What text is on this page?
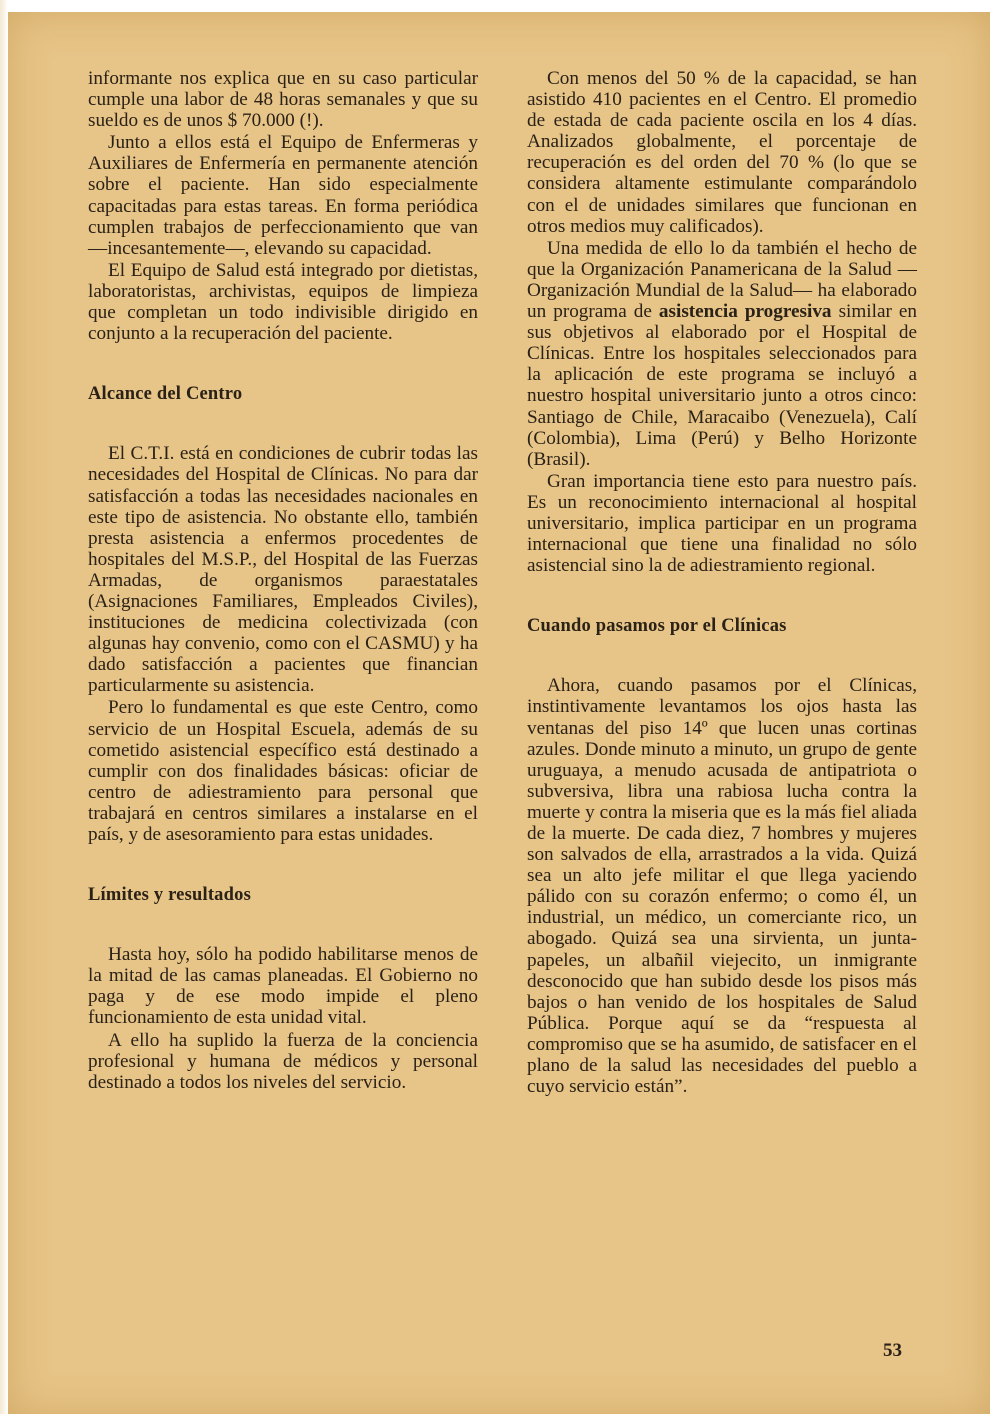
informante nos explica que en su caso particular cumple una labor de 48 horas semanales y que su sueldo es de unos $ 70.000 (!).

Junto a ellos está el Equipo de Enfermeras y Auxiliares de Enfermería en permanente atención sobre el paciente. Han sido especialmente capacitadas para estas tareas. En forma periódica cumplen trabajos de perfeccionamiento que van —incesantemente—, elevando su capacidad.

El Equipo de Salud está integrado por dietistas, laboratoristas, archivistas, equipos de limpieza que completan un todo indivisible dirigido en conjunto a la recuperación del paciente.

Alcance del Centro

El C.T.I. está en condiciones de cubrir todas las necesidades del Hospital de Clínicas. No para dar satisfacción a todas las necesidades nacionales en este tipo de asistencia. No obstante ello, también presta asistencia a enfermos procedentes de hospitales del M.S.P., del Hospital de las Fuerzas Armadas, de organismos paraestatales (Asignaciones Familiares, Empleados Civiles), instituciones de medicina colectivizada (con algunas hay convenio, como con el CASMU) y ha dado satisfacción a pacientes que financian particularmente su asistencia.

Pero lo fundamental es que este Centro, como servicio de un Hospital Escuela, además de su cometido asistencial específico está destinado a cumplir con dos finalidades básicas: oficiar de centro de adiestramiento para personal que trabajará en centros similares a instalarse en el país, y de asesoramiento para estas unidades.

Límites y resultados

Hasta hoy, sólo ha podido habilitarse menos de la mitad de las camas planeadas. El Gobierno no paga y de ese modo impide el pleno funcionamiento de esta unidad vital.

A ello ha suplido la fuerza de la conciencia profesional y humana de médicos y personal destinado a todos los niveles del servicio.

Con menos del 50 % de la capacidad, se han asistido 410 pacientes en el Centro. El promedio de estada de cada paciente oscila en los 4 días. Analizados globalmente, el porcentaje de recuperación es del orden del 70 % (lo que se considera altamente estimulante comparándolo con el de unidades similares que funcionan en otros medios muy calificados).

Una medida de ello lo da también el hecho de que la Organización Panamericana de la Salud —Organización Mundial de la Salud— ha elaborado un programa de asistencia progresiva similar en sus objetivos al elaborado por el Hospital de Clínicas. Entre los hospitales seleccionados para la aplicación de este programa se incluyó a nuestro hospital universitario junto a otros cinco: Santiago de Chile, Maracaibo (Venezuela), Calí (Colombia), Lima (Perú) y Belho Horizonte (Brasil).

Gran importancia tiene esto para nuestro país. Es un reconocimiento internacional al hospital universitario, implica participar en un programa internacional que tiene una finalidad no sólo asistencial sino la de adiestramiento regional.

Cuando pasamos por el Clínicas

Ahora, cuando pasamos por el Clínicas, instintivamente levantamos los ojos hasta las ventanas del piso 14º que lucen unas cortinas azules. Donde minuto a minuto, un grupo de gente uruguaya, a menudo acusada de antipatriota o subversiva, libra una rabiosa lucha contra la muerte y contra la miseria que es la más fiel aliada de la muerte. De cada diez, 7 hombres y mujeres son salvados de ella, arrastrados a la vida. Quizá sea un alto jefe militar el que llega yaciendo pálido con su corazón enfermo; o como él, un industrial, un médico, un comerciante rico, un abogado. Quizá sea una sirvienta, un junta-papeles, un albañil viejecito, un inmigrante desconocido que han subido desde los pisos más bajos o han venido de los hospitales de Salud Pública. Porque aquí se da “respuesta al compromiso que se ha asumido, de satisfacer en el plano de la salud las necesidades del pueblo a cuyo servicio están”.

53
